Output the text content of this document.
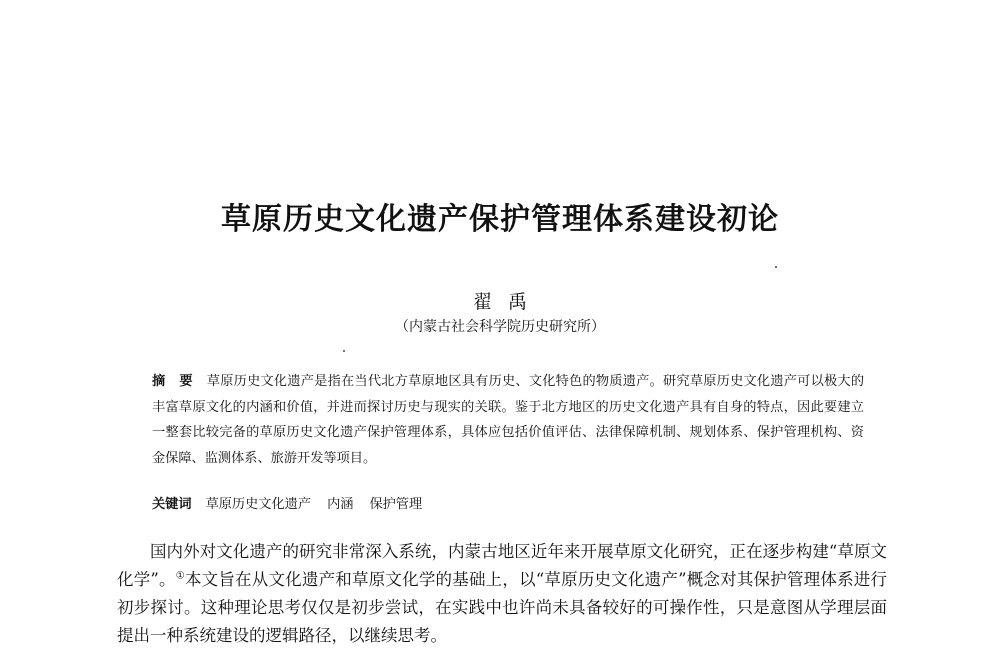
草原历史文化遗产保护管理体系建设初论
翟禹
（内蒙古社会科学院历史研究所）

摘要草原历史文化遗产是指在当代北方草原地区具有历史、文化特色的物质遗产。研究草原历史文化遗产可以极大的丰富草原文化的内涵和价值，并进而探讨历史与现实的关联。鉴于北方地区的历史文化遗产具有自身的特点，因此要建立一整套比较完备的草原历史文化遗产保护管理体系，具体应包括价值评估、法律保障机制、规划体系、保护管理机构、资金保障、监测体系、旅游开发等项目。

关键词 草原历史文化遗产 内涵 保护管理

国内外对文化遗产的研究非常深入系统，内蒙古地区近年来开展草原文化研究，正在逐步构建“草原文化学”。①本文旨在从文化遗产和草原文化学的基础上，以“草原历史文化遗产”概念对其保护管理体系进行初步探讨。这种理论思考仅仅是初步尝试，在实践中也许尚未具备较好的可操作性，只是意图从学理层面提出一种系统建设的逻辑路径，以继续思考。
